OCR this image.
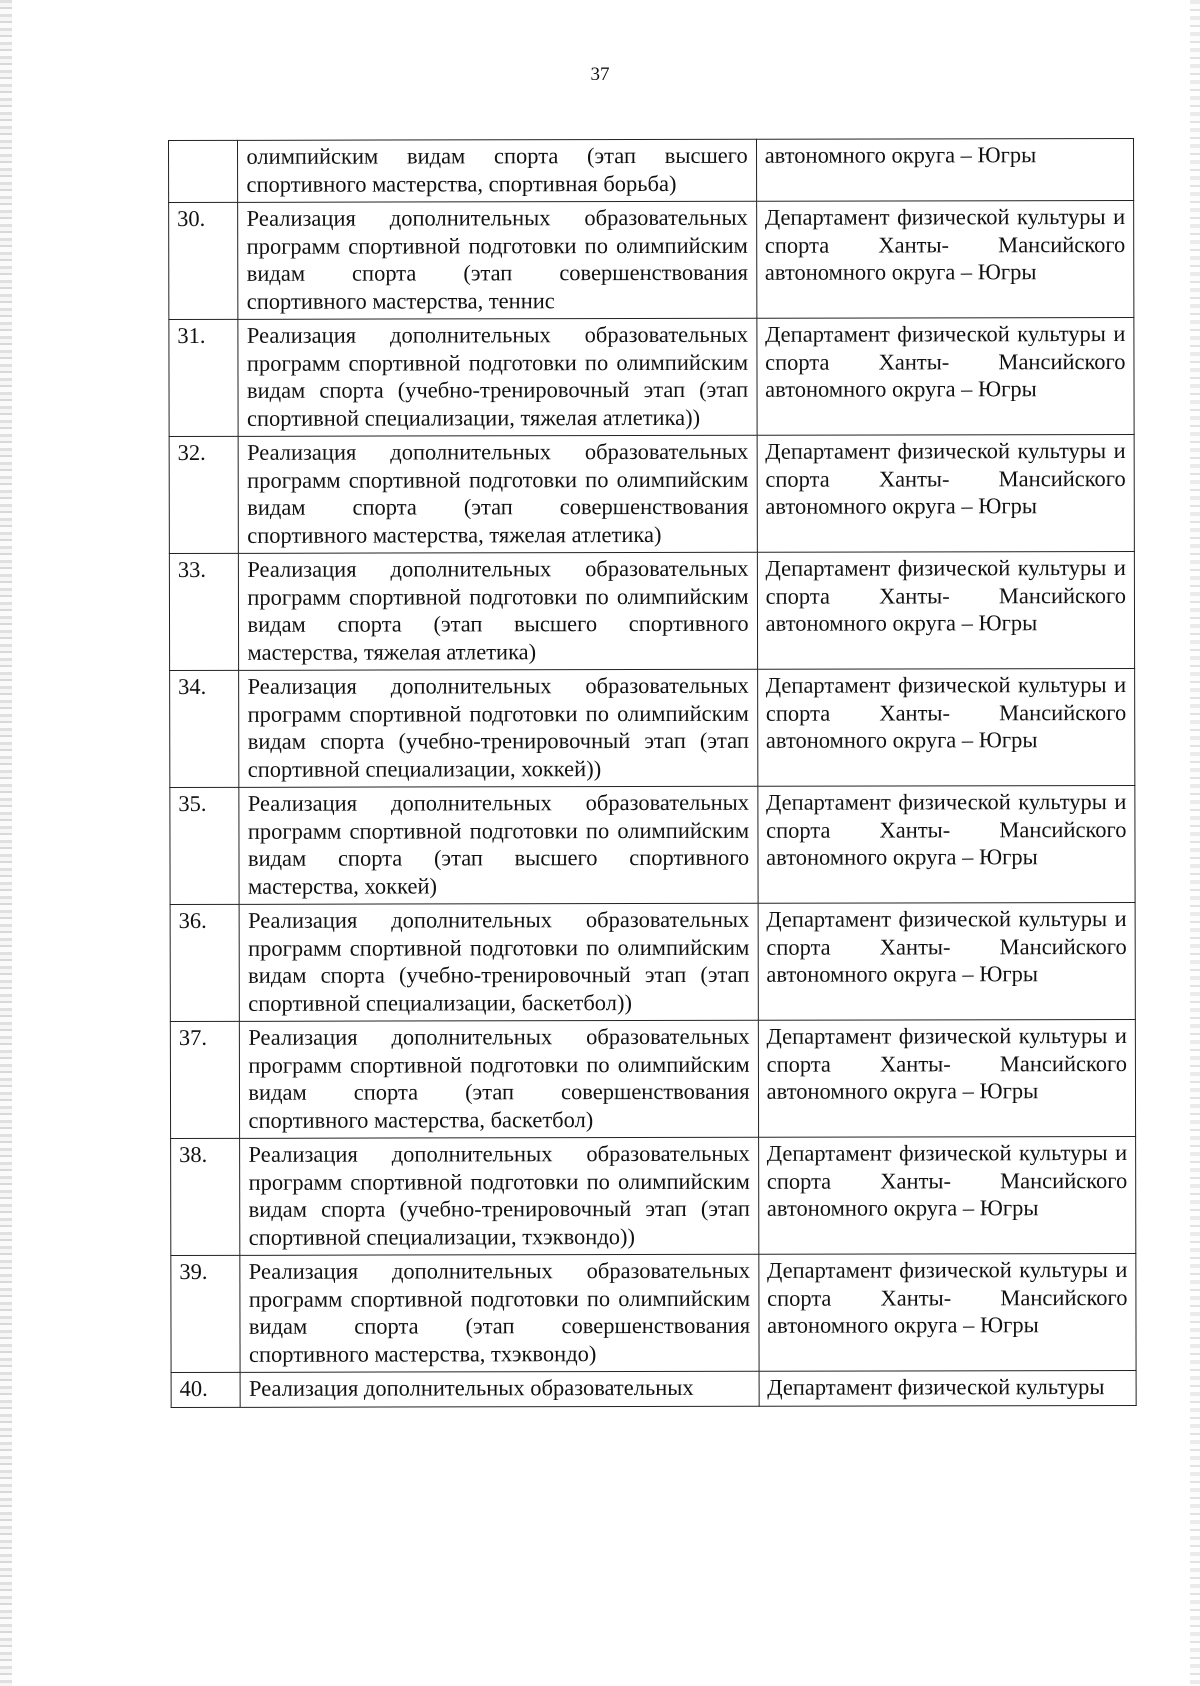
37
	олимпийским видам спорта (этап высшего спортивного мастерства, спортивная борьба)	автономного округа – Югры
30.	Реализация дополнительных образовательных программ спортивной подготовки по олимпийским видам спорта (этап совершенствования спортивного мастерства, теннис	Департамент физической культуры и спорта Ханты- Мансийского автономного округа – Югры
31.	Реализация дополнительных образовательных программ спортивной подготовки по олимпийским видам спорта (учебно-тренировочный этап (этап спортивной специализации, тяжелая атлетика))	Департамент физической культуры и спорта Ханты- Мансийского автономного округа – Югры
32.	Реализация дополнительных образовательных программ спортивной подготовки по олимпийским видам спорта (этап совершенствования спортивного мастерства, тяжелая атлетика)	Департамент физической культуры и спорта Ханты- Мансийского автономного округа – Югры
33.	Реализация дополнительных образовательных программ спортивной подготовки по олимпийским видам спорта (этап высшего спортивного мастерства, тяжелая атлетика)	Департамент физической культуры и спорта Ханты- Мансийского автономного округа – Югры
34.	Реализация дополнительных образовательных программ спортивной подготовки по олимпийским видам спорта (учебно-тренировочный этап (этап спортивной специализации, хоккей))	Департамент физической культуры и спорта Ханты- Мансийского автономного округа – Югры
35.	Реализация дополнительных образовательных программ спортивной подготовки по олимпийским видам спорта (этап высшего спортивного мастерства, хоккей)	Департамент физической культуры и спорта Ханты- Мансийского автономного округа – Югры
36.	Реализация дополнительных образовательных программ спортивной подготовки по олимпийским видам спорта (учебно-тренировочный этап (этап спортивной специализации, баскетбол))	Департамент физической культуры и спорта Ханты- Мансийского автономного округа – Югры
37.	Реализация дополнительных образовательных программ спортивной подготовки по олимпийским видам спорта (этап совершенствования спортивного мастерства, баскетбол)	Департамент физической культуры и спорта Ханты- Мансийского автономного округа – Югры
38.	Реализация дополнительных образовательных программ спортивной подготовки по олимпийским видам спорта (учебно-тренировочный этап (этап спортивной специализации, тхэквондо))	Департамент физической культуры и спорта Ханты- Мансийского автономного округа – Югры
39.	Реализация дополнительных образовательных программ спортивной подготовки по олимпийским видам спорта (этап совершенствования спортивного мастерства, тхэквондо)	Департамент физической культуры и спорта Ханты- Мансийского автономного округа – Югры
40.	Реализация дополнительных образовательных	Департамент физической культуры
